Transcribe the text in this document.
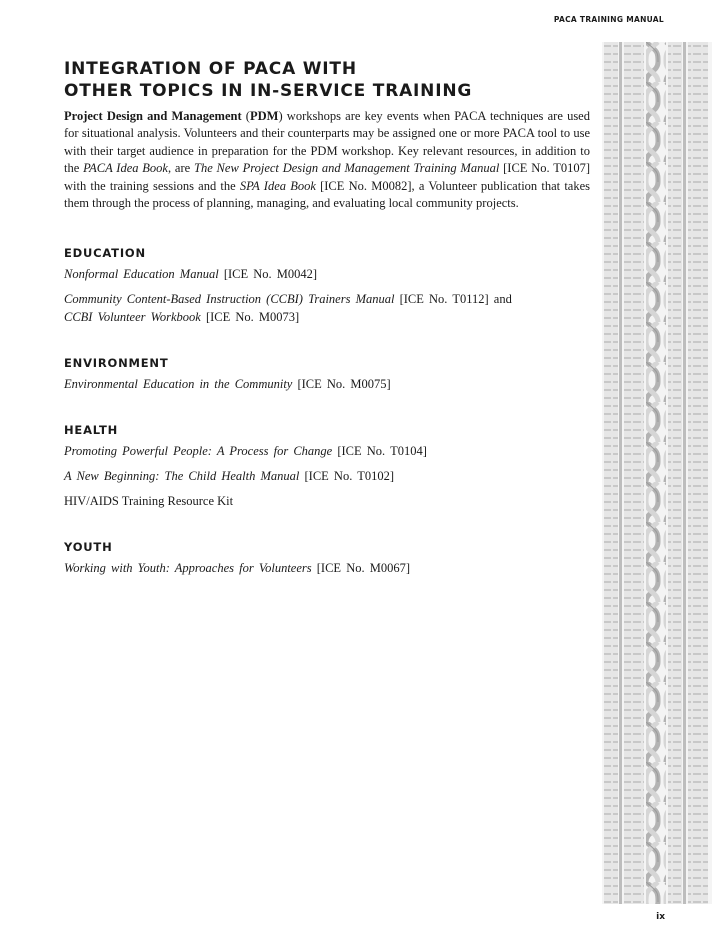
PACA TRAINING MANUAL
INTEGRATION OF PACA WITH
OTHER TOPICS IN IN-SERVICE TRAINING

Project Design and Management (PDM) workshops are key events when PACA techniques are used for situational analysis. Volunteers and their counterparts may be assigned one or more PACA tool to use with their target audience in preparation for the PDM workshop. Key relevant resources, in addition to the PACA Idea Book, are The New Project Design and Management Training Manual [ICE No. T0107] with the training sessions and the SPA Idea Book [ICE No. M0082], a Volunteer publication that takes them through the process of planning, managing, and evaluating local community projects.

EDUCATION

Nonformal Education Manual [ICE No. M0042]

Community Content-Based Instruction (CCBI) Trainers Manual [ICE No. T0112] and
CCBI Volunteer Workbook [ICE No. M0073]

ENVIRONMENT

Environmental Education in the Community [ICE No. M0075]

HEALTH

Promoting Powerful People: A Process for Change [ICE No. T0104]

A New Beginning: The Child Health Manual [ICE No. T0102]

HIV/AIDS Training Resource Kit

YOUTH

Working with Youth: Approaches for Volunteers [ICE No. M0067]

ix
